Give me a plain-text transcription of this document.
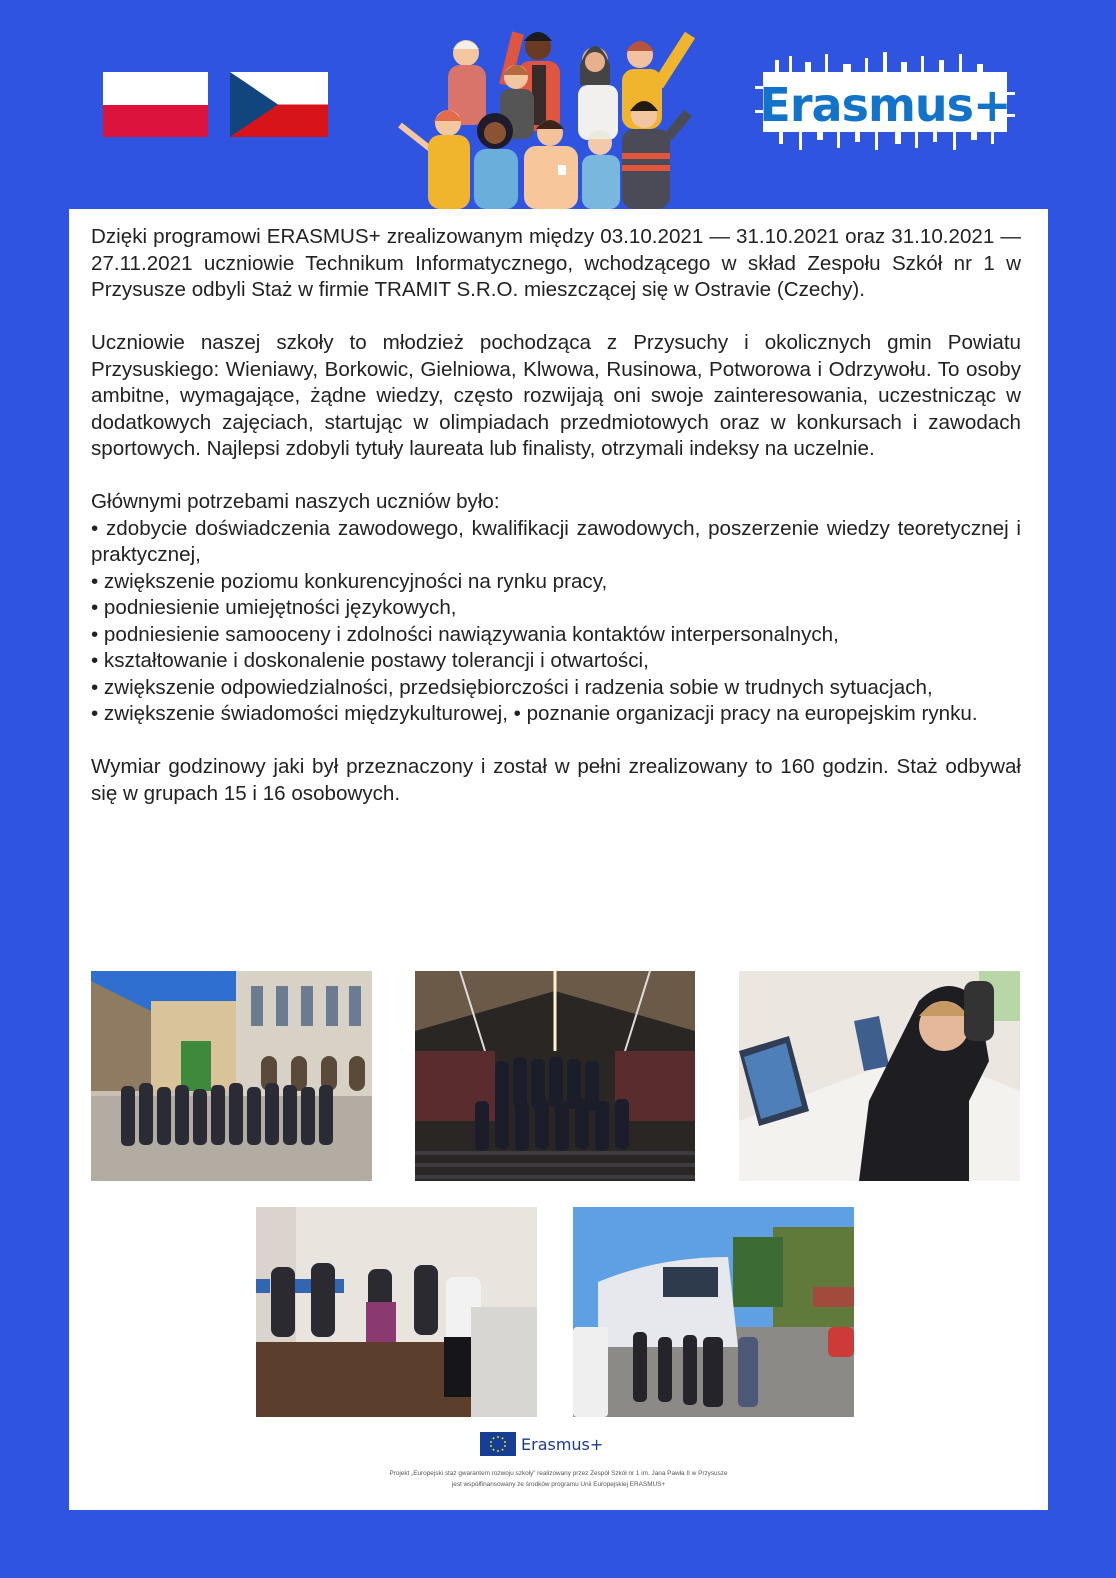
Erasmus+

Dzięki programowi ERASMUS+ zrealizowanym między 03.10.2021 — 31.10.2021 oraz 31.10.2021 — 27.11.2021 uczniowie Technikum Informatycznego, wchodzącego w skład Zespołu Szkół nr 1 w Przysusze odbyli Staż w firmie TRAMIT S.R.O. mieszczącej się w Ostravie (Czechy).

Uczniowie naszej szkoły to młodzież pochodząca z Przysuchy i okolicznych gmin Powiatu Przysuskiego: Wieniawy, Borkowic, Gielniowa, Klwowa, Rusinowa, Potworowa i Odrzywołu. To osoby ambitne, wymagające, żądne wiedzy, często rozwijają oni swoje zainteresowania, uczestnicząc w dodatkowych zajęciach, startując w olimpiadach przedmiotowych oraz w konkursach i zawodach sportowych. Najlepsi zdobyli tytuły laureata lub finalisty, otrzymali indeksy na uczelnie.

Głównymi potrzebami naszych uczniów było:

• zdobycie doświadczenia zawodowego, kwalifikacji zawodowych, poszerzenie wiedzy teoretycznej i praktycznej,
• zwiększenie poziomu konkurencyjności na rynku pracy,
• podniesienie umiejętności językowych,
• podniesienie samooceny i zdolności nawiązywania kontaktów interpersonalnych,
• kształtowanie i doskonalenie postawy tolerancji i otwartości,
• zwiększenie odpowiedzialności, przedsiębiorczości i radzenia sobie w trudnych sytuacjach,
• zwiększenie świadomości międzykulturowej, • poznanie organizacji pracy na europejskim rynku.

Wymiar godzinowy jaki był przeznaczony i został w pełni zrealizowany to 160 godzin. Staż odbywał się w grupach 15 i 16 osobowych.

Erasmus+
Projekt „Europejski staż gwarantem rozwoju szkoły” realizowany przez Zespół Szkół nr 1 im. Jana Pawła II w Przysusze
jest współfinansowany ze środków programu Unii Europejskiej ERASMUS+
